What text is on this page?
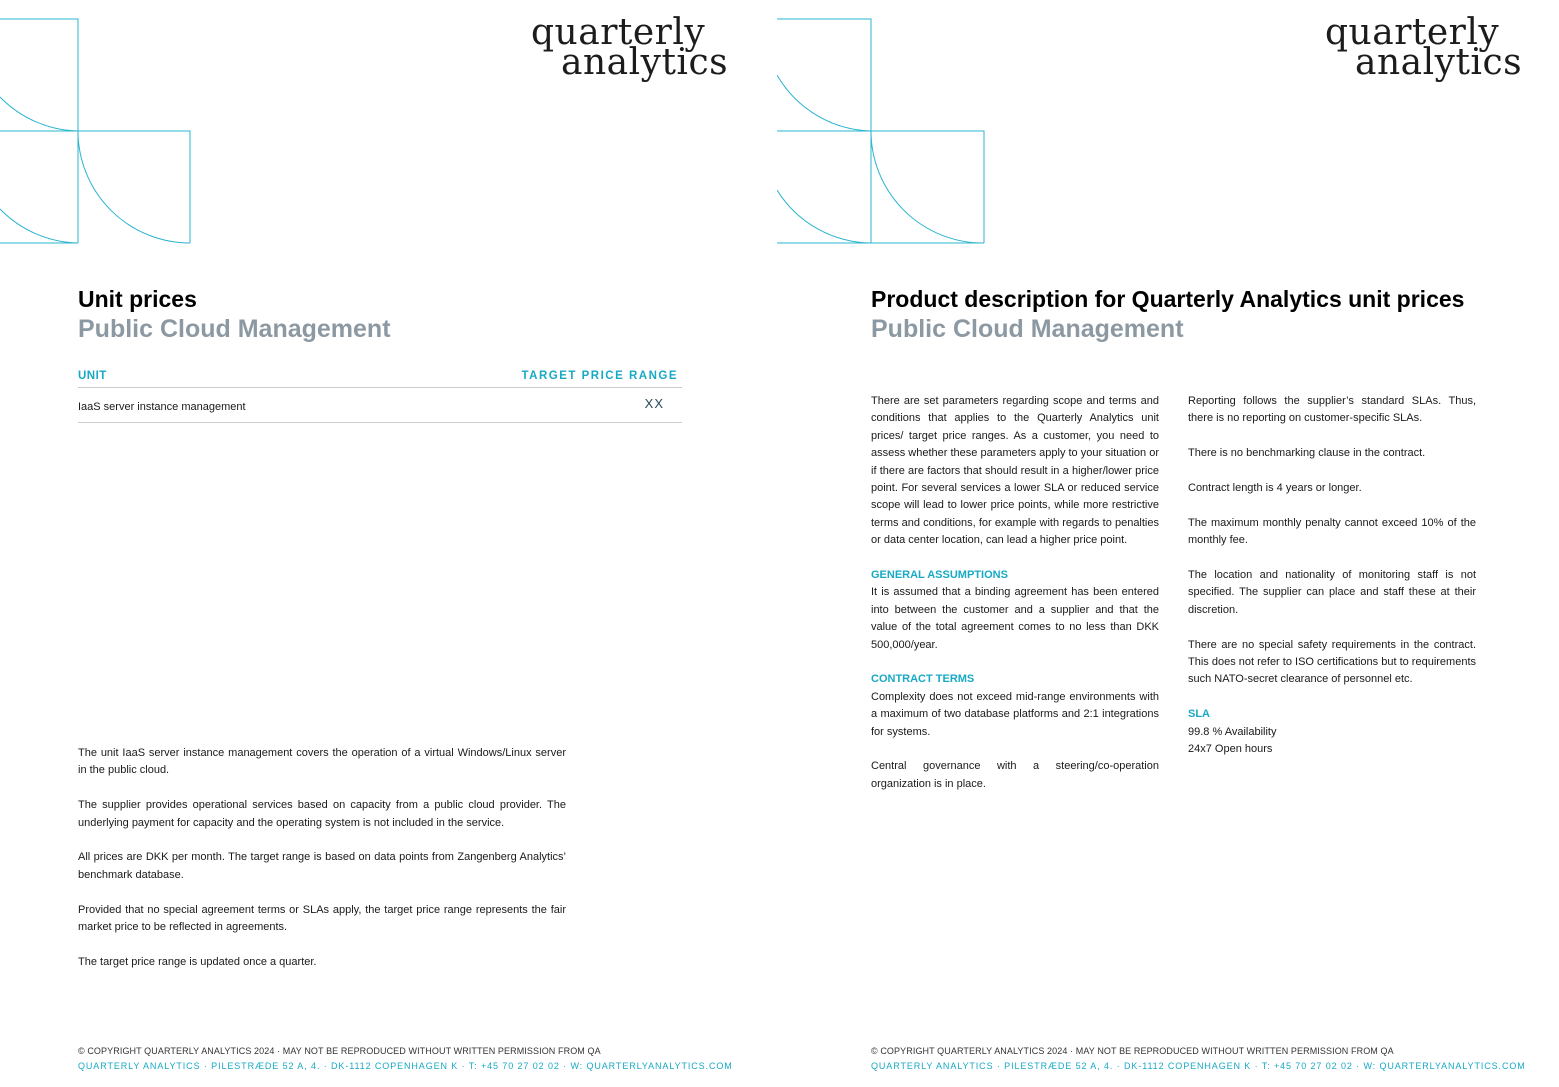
quarterly
analytics
Unit prices
Public Cloud Management
UNIT	TARGET PRICE RANGE
IaaS server instance management	XX

The unit IaaS server instance management covers the operation of a virtual Windows/Linux server in the public cloud.

The supplier provides operational services based on capacity from a public cloud provider. The underlying payment for capacity and the operating system is not included in the service.

All prices are DKK per month. The target range is based on data points from Zangenberg Analytics’ benchmark database.

Provided that no special agreement terms or SLAs apply, the target price range represents the fair market price to be reflected in agreements.

The target price range is updated once a quarter.

© COPYRIGHT QUARTERLY ANALYTICS 2024 · MAY NOT BE REPRODUCED WITHOUT WRITTEN PERMISSION FROM QA
QUARTERLY ANALYTICS · PILESTRÆDE 52 A, 4. · DK-1112 COPENHAGEN K · T: +45 70 27 02 02 · W: QUARTERLYANALYTICS.COM
quarterly
analytics
Product description for Quarterly Analytics unit prices
Public Cloud Management

There are set parameters regarding scope and terms and conditions that applies to the Quarterly Analytics unit prices/ target price ranges. As a customer, you need to assess whether these parameters apply to your situation or if there are factors that should result in a higher/lower price point. For several services a lower SLA or reduced service scope will lead to lower price points, while more restrictive terms and conditions, for example with regards to penalties or data center location, can lead a higher price point.

GENERAL ASSUMPTIONS

It is assumed that a binding agreement has been entered into between the customer and a supplier and that the value of the total agreement comes to no less than DKK 500,000/year.

CONTRACT TERMS

Complexity does not exceed mid-range environments with a maximum of two database platforms and 2:1 integrations for systems.

Central governance with a steering/co-operation organization is in place.

Reporting follows the supplier’s standard SLAs. Thus, there is no reporting on customer-specific SLAs.

There is no benchmarking clause in the contract.

Contract length is 4 years or longer.

The maximum monthly penalty cannot exceed 10% of the monthly fee.

The location and nationality of monitoring staff is not specified. The supplier can place and staff these at their discretion.

There are no special safety requirements in the contract. This does not refer to ISO certifications but to requirements such NATO-secret clearance of personnel etc.

SLA
99.8 % Availability
24x7 Open hours
© COPYRIGHT QUARTERLY ANALYTICS 2024 · MAY NOT BE REPRODUCED WITHOUT WRITTEN PERMISSION FROM QA
QUARTERLY ANALYTICS · PILESTRÆDE 52 A, 4. · DK-1112 COPENHAGEN K · T: +45 70 27 02 02 · W: QUARTERLYANALYTICS.COM
